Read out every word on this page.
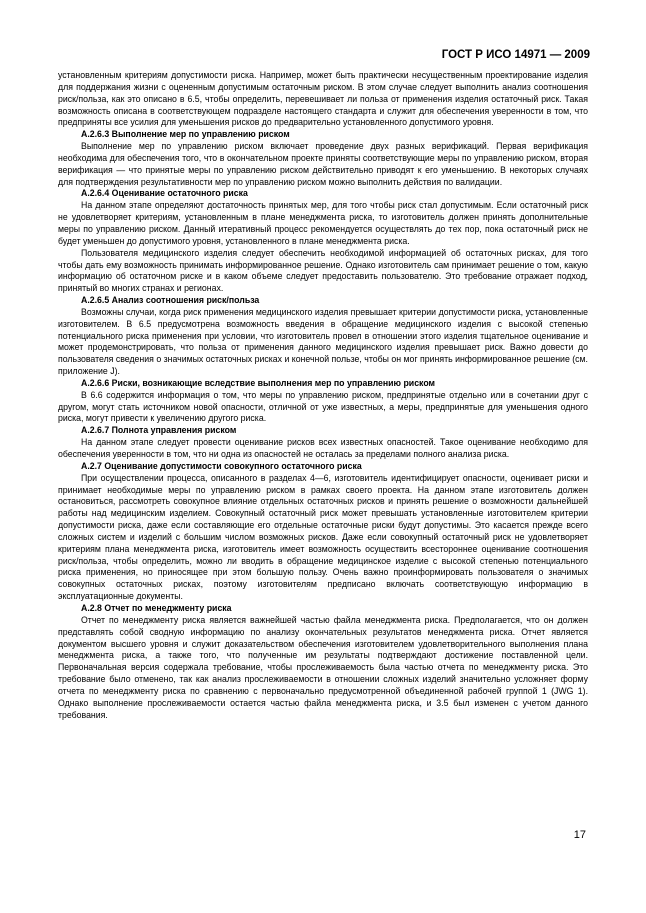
ГОСТ Р ИСО 14971 — 2009

установленным критериям допустимости риска. Например, может быть практически несущественным проектирование изделия для поддержания жизни с оцененным допустимым остаточным риском. В этом случае следует выполнить анализ соотношения риск/польза, как это описано в 6.5, чтобы определить, перевешивает ли польза от применения изделия остаточный риск. Такая возможность описана в соответствующем подразделе настоящего стандарта и служит для обеспечения уверенности в том, что предприняты все усилия для уменьшения рисков до предварительно установленного допустимого уровня.

А.2.6.3 Выполнение мер по управлению риском

Выполнение мер по управлению риском включает проведение двух разных верификаций. Первая верификация необходима для обеспечения того, что в окончательном проекте приняты соответствующие меры по управлению риском, вторая верификация — что принятые меры по управлению риском действительно приводят к его уменьшению. В некоторых случаях для подтверждения результативности мер по управлению риском можно выполнить действия по валидации.

А.2.6.4 Оценивание остаточного риска

На данном этапе определяют достаточность принятых мер, для того чтобы риск стал допустимым. Если остаточный риск не удовлетворяет критериям, установленным в плане менеджмента риска, то изготовитель должен принять дополнительные меры по управлению риском. Данный итеративный процесс рекомендуется осуществлять до тех пор, пока остаточный риск не будет уменьшен до допустимого уровня, установленного в плане менеджмента риска.

Пользователя медицинского изделия следует обеспечить необходимой информацией об остаточных рисках, для того чтобы дать ему возможность принимать информированное решение. Однако изготовитель сам принимает решение о том, какую информацию об остаточном риске и в каком объеме следует предоставить пользователю. Это требование отражает подход, принятый во многих странах и регионах.

А.2.6.5 Анализ соотношения риск/польза

Возможны случаи, когда риск применения медицинского изделия превышает критерии допустимости риска, установленные изготовителем. В 6.5 предусмотрена возможность введения в обращение медицинского изделия с высокой степенью потенциального риска применения при условии, что изготовитель провел в отношении этого изделия тщательное оценивание и может продемонстрировать, что польза от применения данного медицинского изделия превышает риск. Важно довести до пользователя сведения о значимых остаточных рисках и конечной пользе, чтобы он мог принять информированное решение (см. приложение J).

А.2.6.6 Риски, возникающие вследствие выполнения мер по управлению риском

В 6.6 содержится информация о том, что меры по управлению риском, предпринятые отдельно или в сочетании друг с другом, могут стать источником новой опасности, отличной от уже известных, а меры, предпринятые для уменьшения одного риска, могут привести к увеличению другого риска.

А.2.6.7 Полнота управления риском

На данном этапе следует провести оценивание рисков всех известных опасностей. Такое оценивание необходимо для обеспечения уверенности в том, что ни одна из опасностей не осталась за пределами полного анализа риска.

А.2.7 Оценивание допустимости совокупного остаточного риска

При осуществлении процесса, описанного в разделах 4—6, изготовитель идентифицирует опасности, оценивает риски и принимает необходимые меры по управлению риском в рамках своего проекта. На данном этапе изготовитель должен остановиться, рассмотреть совокупное влияние отдельных остаточных рисков и принять решение о возможности дальнейшей работы над медицинским изделием. Совокупный остаточный риск может превышать установленные изготовителем критерии допустимости риска, даже если составляющие его отдельные остаточные риски будут допустимы. Это касается прежде всего сложных систем и изделий с большим числом возможных рисков. Даже если совокупный остаточный риск не удовлетворяет критериям плана менеджмента риска, изготовитель имеет возможность осуществить всестороннее оценивание соотношения риск/польза, чтобы определить, можно ли вводить в обращение медицинское изделие с высокой степенью потенциального риска применения, но приносящее при этом большую пользу. Очень важно проинформировать пользователя о значимых совокупных остаточных рисках, поэтому изготовителям предписано включать соответствующую информацию в эксплуатационные документы.

А.2.8 Отчет по менеджменту риска

Отчет по менеджменту риска является важнейшей частью файла менеджмента риска. Предполагается, что он должен представлять собой сводную информацию по анализу окончательных результатов менеджмента риска. Отчет является документом высшего уровня и служит доказательством обеспечения изготовителем удовлетворительного выполнения плана менеджмента риска, а также того, что полученные им результаты подтверждают достижение поставленной цели. Первоначальная версия содержала требование, чтобы прослеживаемость была частью отчета по менеджменту риска. Это требование было отменено, так как анализ прослеживаемости в отношении сложных изделий значительно усложняет форму отчета по менеджменту риска по сравнению с первоначально предусмотренной объединенной рабочей группой 1 (JWG 1). Однако выполнение прослеживаемости остается частью файла менеджмента риска, и 3.5 был изменен с учетом данного требования.

17
